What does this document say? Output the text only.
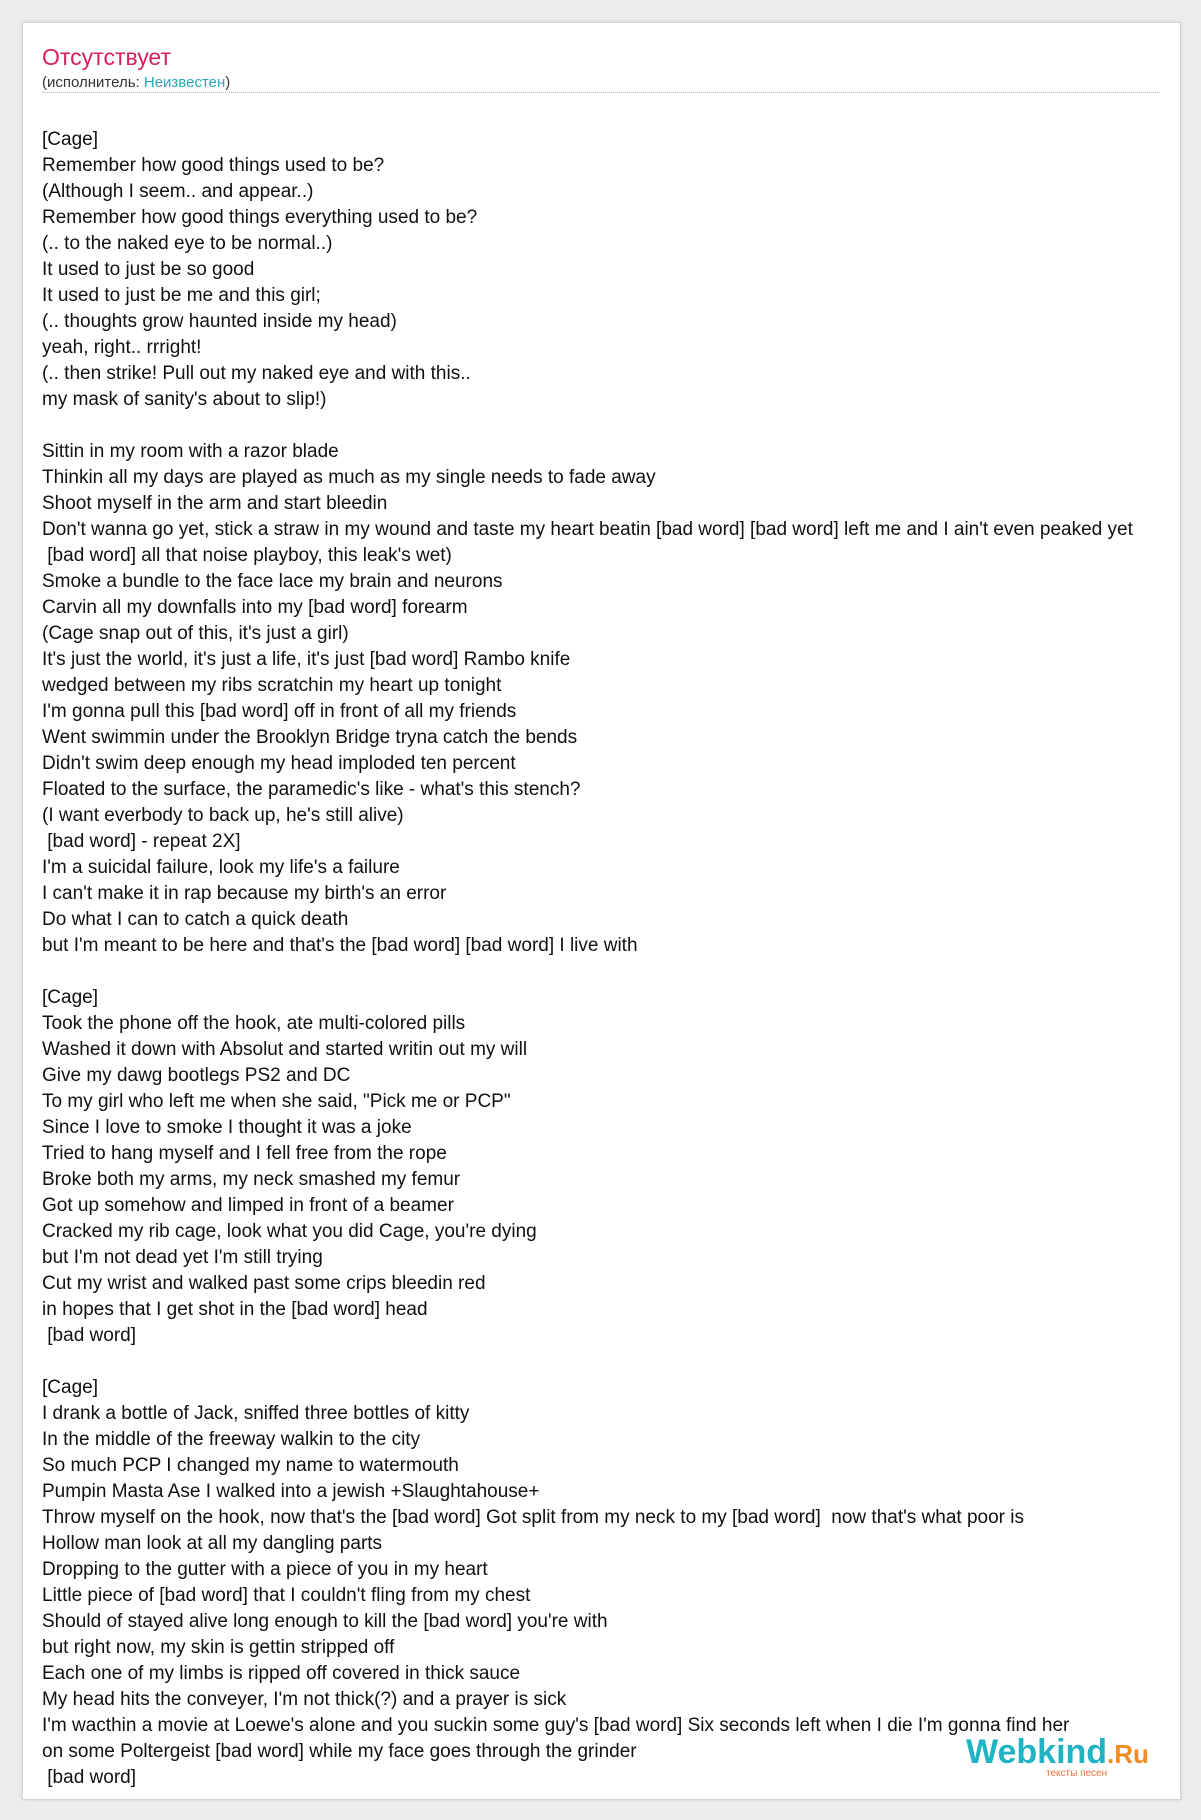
Отсутствует
(исполнитель: Неизвестен)
[Cage]
Remember how good things used to be?
(Although I seem.. and appear..)
Remember how good things everything used to be?
(.. to the naked eye to be normal..)
It used to just be so good
It used to just be me and this girl;
(.. thoughts grow haunted inside my head)
yeah, right.. rrright!
(.. then strike! Pull out my naked eye and with this..
my mask of sanity's about to slip!)

Sittin in my room with a razor blade
Thinkin all my days are played as much as my single needs to fade away
Shoot myself in the arm and start bleedin
Don't wanna go yet, stick a straw in my wound and taste my heart beatin [bad word] [bad word] left me and I ain't even peaked yet
[bad word] all that noise playboy, this leak's wet)
Smoke a bundle to the face lace my brain and neurons
Carvin all my downfalls into my [bad word] forearm
(Cage snap out of this, it's just a girl)
It's just the world, it's just a life, it's just [bad word] Rambo knife
wedged between my ribs scratchin my heart up tonight
I'm gonna pull this [bad word] off in front of all my friends
Went swimmin under the Brooklyn Bridge tryna catch the bends
Didn't swim deep enough my head imploded ten percent
Floated to the surface, the paramedic's like - what's this stench?
(I want everbody to back up, he's still alive)
[bad word] - repeat 2X]
I'm a suicidal failure, look my life's a failure
I can't make it in rap because my birth's an error
Do what I can to catch a quick death
but I'm meant to be here and that's the [bad word] [bad word] I live with

[Cage]
Took the phone off the hook, ate multi-colored pills
Washed it down with Absolut and started writin out my will
Give my dawg bootlegs PS2 and DC
To my girl who left me when she said, "Pick me or PCP"
Since I love to smoke I thought it was a joke
Tried to hang myself and I fell free from the rope
Broke both my arms, my neck smashed my femur
Got up somehow and limped in front of a beamer
Cracked my rib cage, look what you did Cage, you're dying
but I'm not dead yet I'm still trying
Cut my wrist and walked past some crips bleedin red
in hopes that I get shot in the [bad word] head
[bad word]

[Cage]
I drank a bottle of Jack, sniffed three bottles of kitty
In the middle of the freeway walkin to the city
So much PCP I changed my name to watermouth
Pumpin Masta Ase I walked into a jewish +Slaughtahouse+
Throw myself on the hook, now that's the [bad word] Got split from my neck to my [bad word]  now that's what poor is
Hollow man look at all my dangling parts
Dropping to the gutter with a piece of you in my heart
Little piece of [bad word] that I couldn't fling from my chest
Should of stayed alive long enough to kill the [bad word] you're with
but right now, my skin is gettin stripped off
Each one of my limbs is ripped off covered in thick sauce
My head hits the conveyer, I'm not thick(?) and a prayer is sick
I'm wacthin a movie at Loewe's alone and you suckin some guy's [bad word] Six seconds left when I die I'm gonna find her
on some Poltergeist [bad word] while my face goes through the grinder
[bad word]
Webkind.Ru
тексты песен
